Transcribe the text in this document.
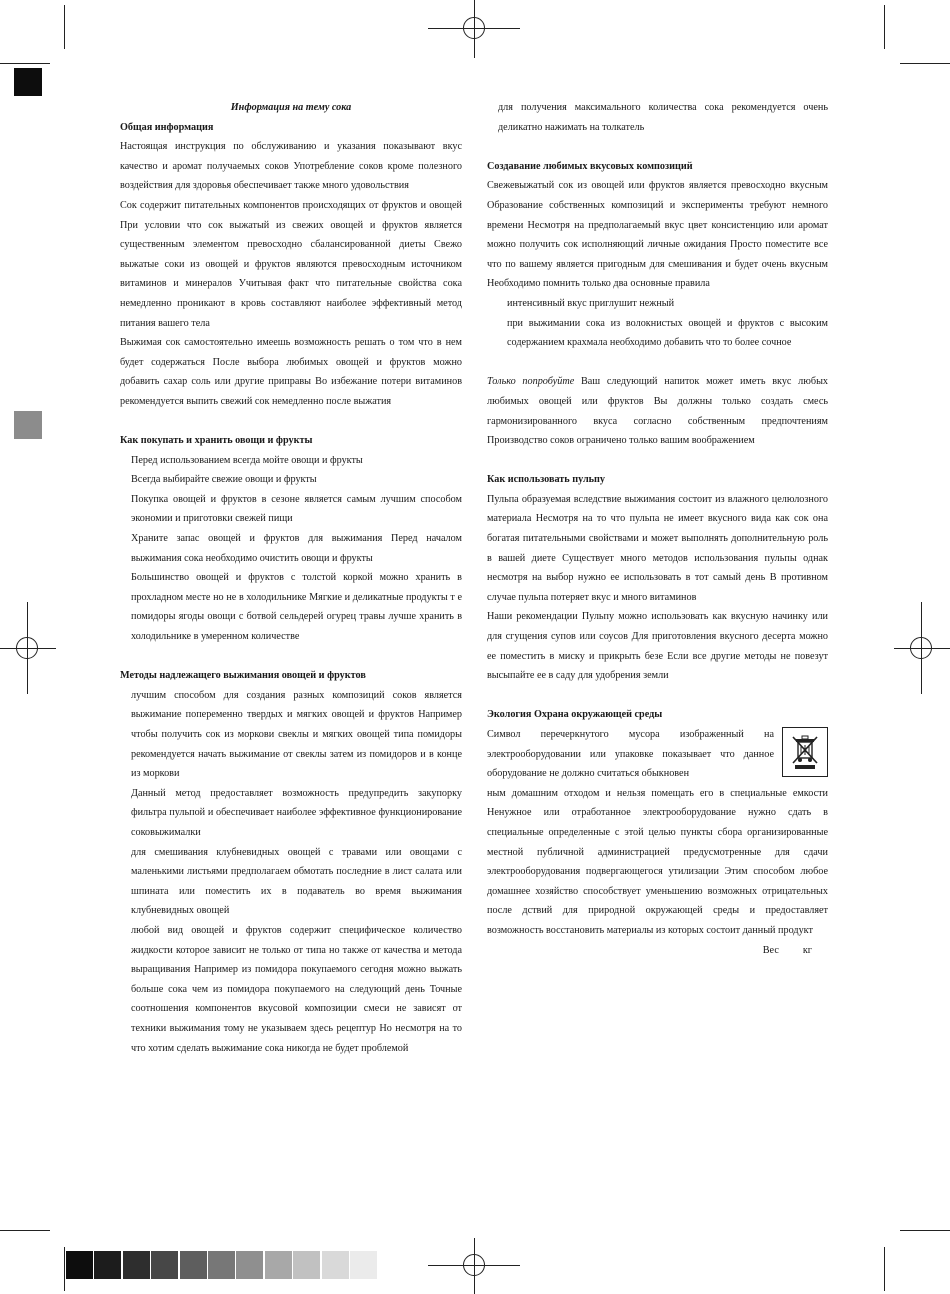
Информация на тему сока

Общая информация

Настоящая инструкция по обслуживанию и указания показывают вкус качество и аромат получаемых соков Употребление соков кроме полезного воздействия для здоровья обеспечивает также много удовольствия

Сок содержит питательных компонентов происходящих от фруктов и овощей При условии что сок выжатый из свежих овощей и фруктов является существенным элементом превосходно сбалансированной диеты Свежо выжатые соки из овощей и фруктов являются превосходным источником витаминов и минералов Учитывая факт что питательные свойства сока немедленно проникают в кровь составляют наиболее эффективный метод питания вашего тела

Выжимая сок самостоятельно имеешь возможность решать о том что в нем будет содержаться После выбора любимых овощей и фруктов можно добавить сахар соль или другие приправы Во избежание потери витаминов рекомендуется выпить свежий сок немедленно после выжатия

Как покупать и хранить овощи и фрукты

Перед использованием всегда мойте овощи и фрукты

Всегда выбирайте свежие овощи и фрукты

Покупка овощей и фруктов в сезоне является самым лучшим способом экономии и приготовки свежей пищи

Храните запас овощей и фруктов для выжимания Перед началом выжимания сока необходимо очистить овощи и фрукты

Большинство овощей и фруктов с толстой коркой можно хранить в прохладном месте но не в холодильнике Мягкие и деликатные продукты т е помидоры ягоды овощи с ботвой сельдерей огурец травы лучше хранить в холодильнике в умеренном количестве

Методы надлежащего выжимания овощей и фруктов

лучшим способом для создания разных композиций соков является выжимание попеременно твердых и мягких овощей и фруктов Например чтобы получить сок из моркови свеклы и мягких овощей типа помидоры рекомендуется начать выжимание от свеклы затем из помидоров и в конце из моркови

Данный метод предоставляет возможность предупредить закупорку фильтра пульпой и обеспечивает наиболее эффективное функционирование соковыжималки

для смешивания клубневидных овощей с травами или овощами с маленькими листьями предполагаем обмотать последние в лист салата или шпината или поместить их в подаватель во время выжимания клубневидных овощей

любой вид овощей и фруктов содержит специфическое количество жидкости которое зависит не только от типа но также от качества и метода выращивания Например из помидора покупаемого сегодня можно выжать больше сока чем из помидора покупаемого на следующий день Точные соотношения компонентов вкусовой композиции смеси не зависят от техники выжимания тому не указываем здесь рецептур Но несмотря на то что хотим сделать выжимание сока никогда не будет проблемой

для получения максимального количества сока рекомендуется очень деликатно нажимать на толкатель

Создавание любимых вкусовых композиций

Свежевыжатый сок из овощей или фруктов является превосходно вкусным Образование собственных композиций и эксперименты требуют немного времени Несмотря на предполагаемый вкус цвет консистенцию или аромат можно получить сок исполняющий личные ожидания Просто поместите все что по вашему является пригодным для смешивания и будет очень вкусным Необходимо помнить только два основные правила

интенсивный вкус приглушит нежный

при выжимании сока из волокнистых овощей и фруктов с высоким содержанием крахмала необходимо добавить что то более сочное

Только попробуйте Ваш следующий напиток может иметь вкус любых любимых овощей или фруктов Вы должны только создать смесь гармонизированного вкуса согласно собственным предпочтениям Производство соков ограничено только вашим воображением

Как использовать пульпу

Пульпа образуемая вследствие выжимания состоит из влажного целюлозного материала Несмотря на то что пульпа не имеет вкусного вида как сок она богатая питательными свойствами и может выполнять дополнительную роль в вашей диете Существует много методов использования пульпы однак несмотря на выбор нужно ее использовать в тот самый день В противном случае пульпа потеряет вкус и много витаминов

Наши рекомендации Пульпу можно использовать как вкусную начинку или для сгущения супов или соусов Для приготовления вкусного десерта можно ее поместить в миску и прикрыть безе Если все другие методы не повезут высыпайте ее в саду для удобрения земли

Экология Охрана окружающей среды

Символ перечеркнутого мусора изображенный на электрооборудовании или упаковке показывает что данное оборудование не должно считаться обыкновен

ным домашним отходом и нельзя помещать его в специальные емкости Ненужное или отработанное электрооборудование нужно сдать в специальные определенные с этой целью пункты сбора организированные местной публичной администрацией предусмотренные для сдачи электрооборудования подвергающегося утилизации Этим способом любое домашнее хозяйство способствует уменьшению возможных отрицательных после дствий для природной окружающей среды и предоставляет возможность восстановить материалы из которых состоит данный продукт

Вес кг
